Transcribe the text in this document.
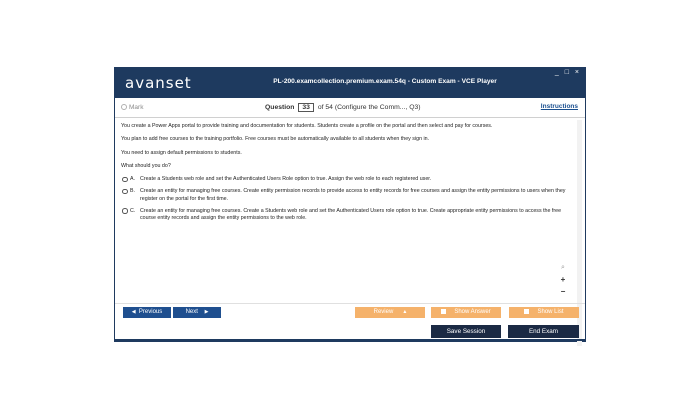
avanset	PL-200.examcollection.premium.exam.54q - Custom Exam - VCE Player
_ □ ×
Mark	Question 33 of 54 (Configure the Comm..., Q3)	Instructions

You create a Power Apps portal to provide training and documentation for students. Students create a profile on the portal and then select and pay for courses.

You plan to add free courses to the training portfolio. Free courses must be automatically available to all students when they sign in.

You need to assign default permissions to students.

What should you do?

A. Create a Students web role and set the Authenticated Users Role option to true. Assign the web role to each registered user.
B. Create an entity for managing free courses. Create entity permission records to provide access to entity records for free courses and assign the entity permissions to users when they register on the portal for the first time.
C. Create an entity for managing free courses. Create a Students web role and set the Authenticated Users role option to true. Create appropriate entity permissions to access the free course entity records and assign the entity permissions to the web role.
⌕
+
−
◀ Previous	Next ▶	Review ▴	Show Answer	Show List
Save Session	End Exam
